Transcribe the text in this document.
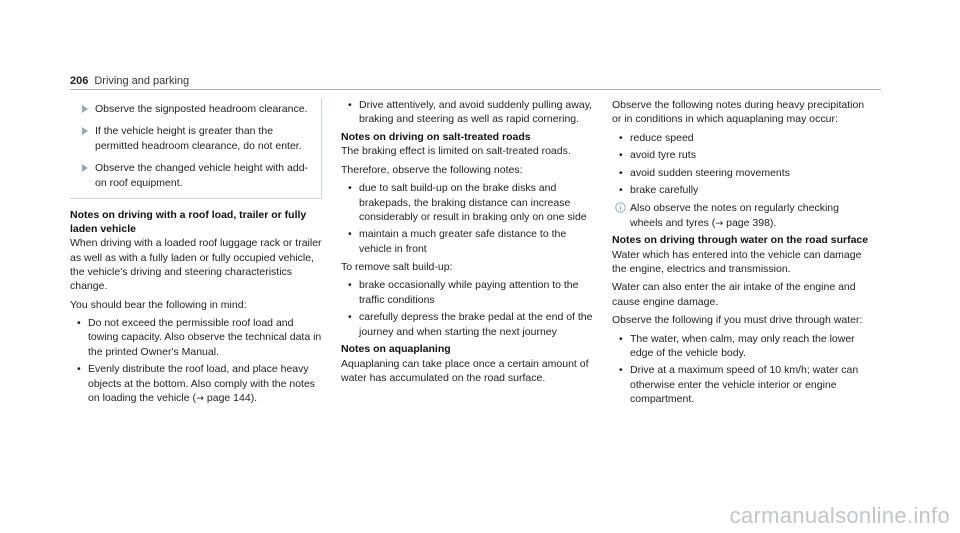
206 Driving and parking
Observe the signposted headroom clearance.
If the vehicle height is greater than the permitted headroom clearance, do not enter.
Observe the changed vehicle height with add-on roof equipment.
Notes on driving with a roof load, trailer or fully laden vehicle

When driving with a loaded roof luggage rack or trailer as well as with a fully laden or fully occupied vehicle, the vehicle's driving and steering characteristics change.

You should bear the following in mind:

• Do not exceed the permissible roof load and towing capacity. Also observe the technical data in the printed Owner's Manual.
• Evenly distribute the roof load, and place heavy objects at the bottom. Also comply with the notes on loading the vehicle (→ page 144).
• Drive attentively, and avoid suddenly pulling away, braking and steering as well as rapid cornering.
Notes on driving on salt-treated roads

The braking effect is limited on salt-treated roads.

Therefore, observe the following notes:

• due to salt build-up on the brake disks and brakepads, the braking distance can increase considerably or result in braking only on one side
• maintain a much greater safe distance to the vehicle in front

To remove salt build-up:

• brake occasionally while paying attention to the traffic conditions
• carefully depress the brake pedal at the end of the journey and when starting the next journey
Notes on aquaplaning

Aquaplaning can take place once a certain amount of water has accumulated on the road surface.

Observe the following notes during heavy precipitation or in conditions in which aquaplaning may occur:

• reduce speed
• avoid tyre ruts
• avoid sudden steering movements
• brake carefully
Also observe the notes on regularly checking wheels and tyres (→ page 398).
Notes on driving through water on the road surface

Water which has entered into the vehicle can damage the engine, electrics and transmission.

Water can also enter the air intake of the engine and cause engine damage.

Observe the following if you must drive through water:

• The water, when calm, may only reach the lower edge of the vehicle body.
• Drive at a maximum speed of 10 km/h; water can otherwise enter the vehicle interior or engine compartment.
carmanualsonline.info
